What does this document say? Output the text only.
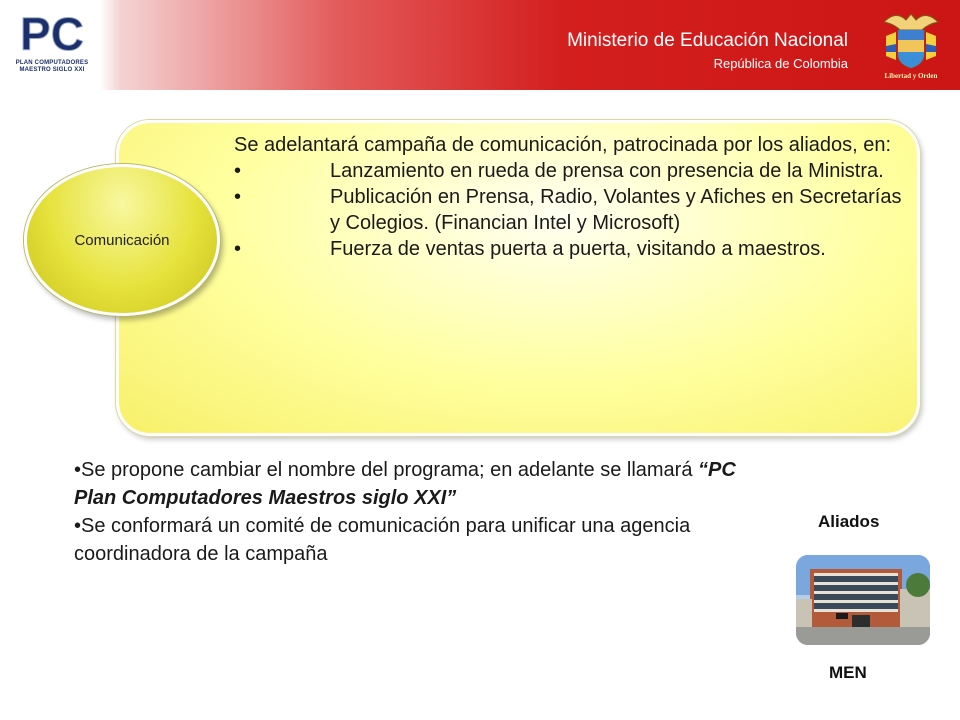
PC
PLAN COMPUTADORES
MAESTRO SIGLO XXI
Ministerio de Educación Nacional
República de Colombia
Libertad y Orden

Se adelantará campaña de comunicación, patrocinada por los aliados, en:

•	Lanzamiento en rueda de prensa con presencia de la Ministra.
•	Publicación en Prensa, Radio, Volantes y Afiches en Secretarías y Colegios. (Financian Intel y Microsoft)
•	Fuerza de ventas puerta a puerta, visitando a maestros.
Comunicación

•Se propone cambiar el nombre del programa; en adelante se llamará “PC Plan Computadores Maestros siglo XXI”

•Se conformará un comité de comunicación para unificar una agencia coordinadora de la campaña

Aliados
MEN
